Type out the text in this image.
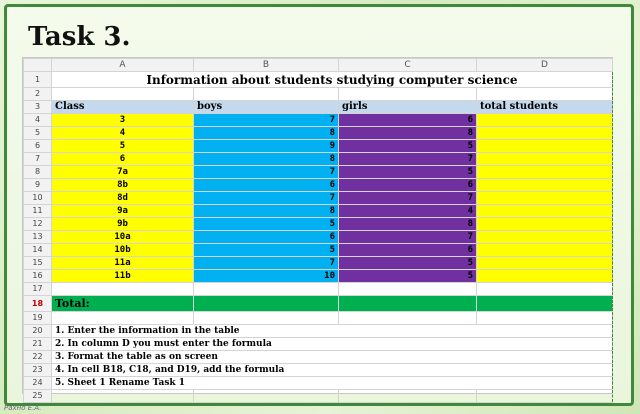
Task 3.
	A	B	C	D
1	Information about students studying computer science			
2				
3	Class	boys	girls	total students
4	3	7	6	
5	4	8	8	
6	5	9	5	
7	6	8	7	
8	7a	7	5	
9	8b	6	6	
10	8d	7	7	
11	9a	8	4	
12	9b	5	8	
13	10a	6	7	
14	10b	5	6	
15	11a	7	5	
16	11b	10	5	
17				
18	Total:			
19				
20	1. Enter the information in the table			
21	2. In column D you must enter the formula			
22	3. Format the table as on screen			
23	4. In cell B18, C18, and D19, add the formula			
24	5. Sheet 1 Rename Task 1			
25				
Рахно Е.А.
